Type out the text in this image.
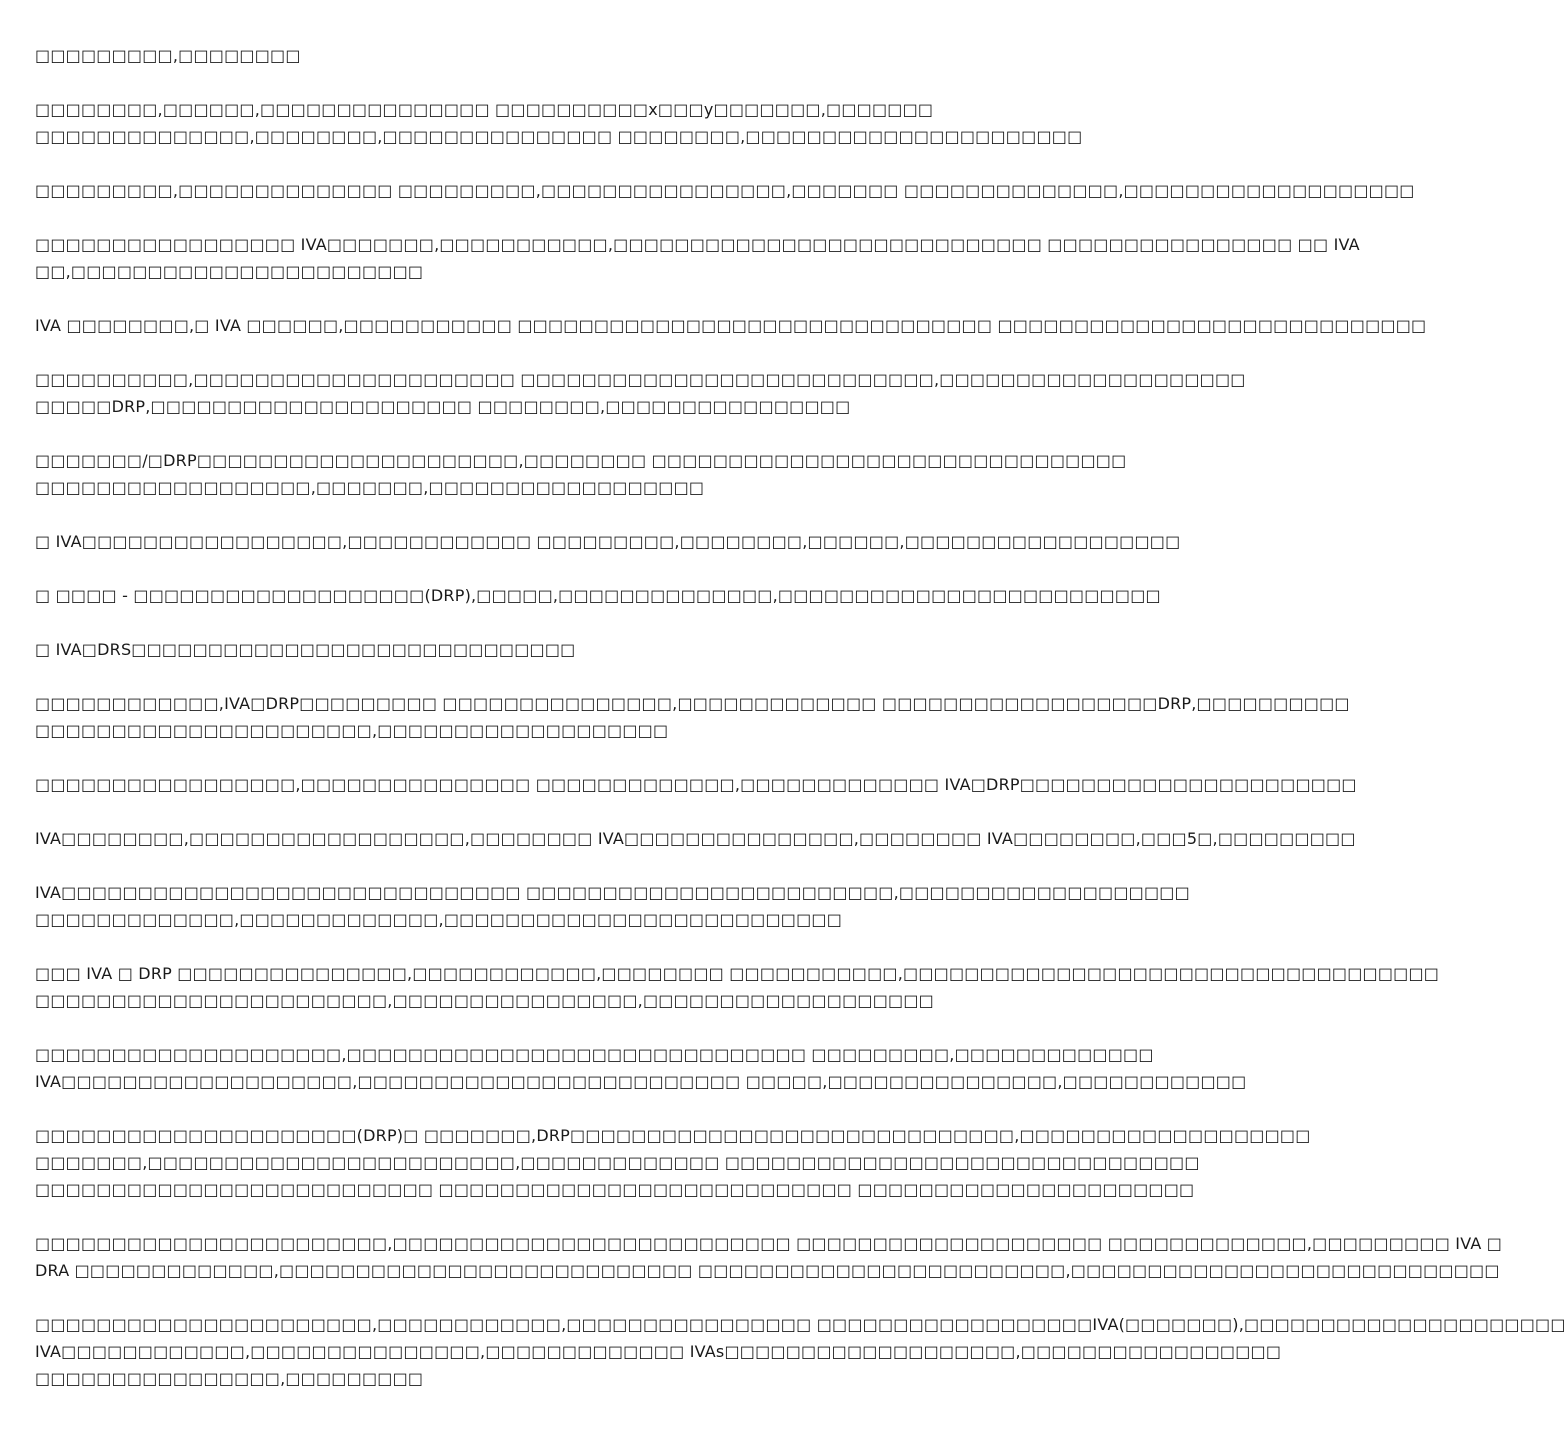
□□□□□□□□□,□□□□□□□□
□□□□□□□□,□□□□□□,□□□□□□□□□□□□□□□ □□□□□□□□□□x□□□y□□□□□□□,□□□□□□□
□□□□□□□□□□□□□□,□□□□□□□□,□□□□□□□□□□□□□□□ □□□□□□□□,□□□□□□□□□□□□□□□□□□□□□□
□□□□□□□□□,□□□□□□□□□□□□□□ □□□□□□□□□,□□□□□□□□□□□□□□□□,□□□□□□□ □□□□□□□□□□□□□□,□□□□□□□□□□□□□□□□□□□
□□□□□□□□□□□□□□□□□ IVA□□□□□□□,□□□□□□□□□□□,□□□□□□□□□□□□□□□□□□□□□□□□□□□□ □□□□□□□□□□□□□□□□ □□ IVA
□□,□□□□□□□□□□□□□□□□□□□□□□□
IVA □□□□□□□□,□ IVA □□□□□□,□□□□□□□□□□□ □□□□□□□□□□□□□□□□□□□□□□□□□□□□□□□ □□□□□□□□□□□□□□□□□□□□□□□□□□□□
□□□□□□□□□□,□□□□□□□□□□□□□□□□□□□□□ □□□□□□□□□□□□□□□□□□□□□□□□□□□,□□□□□□□□□□□□□□□□□□□□
□□□□□DRP,□□□□□□□□□□□□□□□□□□□□□ □□□□□□□□,□□□□□□□□□□□□□□□□
□□□□□□□/□DRP□□□□□□□□□□□□□□□□□□□□□,□□□□□□□□ □□□□□□□□□□□□□□□□□□□□□□□□□□□□□□□
□□□□□□□□□□□□□□□□□□,□□□□□□□,□□□□□□□□□□□□□□□□□□
□ IVA□□□□□□□□□□□□□□□□□,□□□□□□□□□□□□ □□□□□□□□□,□□□□□□□□,□□□□□□,□□□□□□□□□□□□□□□□□□
□ □□□□ - □□□□□□□□□□□□□□□□□□□(DRP),□□□□□,□□□□□□□□□□□□□□,□□□□□□□□□□□□□□□□□□□□□□□□□
□ IVA□DRS□□□□□□□□□□□□□□□□□□□□□□□□□□□□□
□□□□□□□□□□□□,IVA□DRP□□□□□□□□□ □□□□□□□□□□□□□□□,□□□□□□□□□□□□□ □□□□□□□□□□□□□□□□□□DRP,□□□□□□□□□□
□□□□□□□□□□□□□□□□□□□□□□,□□□□□□□□□□□□□□□□□□□
□□□□□□□□□□□□□□□□□,□□□□□□□□□□□□□□□ □□□□□□□□□□□□□,□□□□□□□□□□□□□ IVA□DRP□□□□□□□□□□□□□□□□□□□□□□
IVA□□□□□□□□,□□□□□□□□□□□□□□□□□□,□□□□□□□□ IVA□□□□□□□□□□□□□□□,□□□□□□□□ IVA□□□□□□□□,□□□5□,□□□□□□□□□
IVA□□□□□□□□□□□□□□□□□□□□□□□□□□□□□□ □□□□□□□□□□□□□□□□□□□□□□□□,□□□□□□□□□□□□□□□□□□□
□□□□□□□□□□□□□,□□□□□□□□□□□□□,□□□□□□□□□□□□□□□□□□□□□□□□□□
□□□ IVA □ DRP □□□□□□□□□□□□□□□,□□□□□□□□□□□□,□□□□□□□□ □□□□□□□□□□□,□□□□□□□□□□□□□□□□□□□□□□□□□□□□□□□□□□□
□□□□□□□□□□□□□□□□□□□□□□□,□□□□□□□□□□□□□□□□,□□□□□□□□□□□□□□□□□□□
□□□□□□□□□□□□□□□□□□□□,□□□□□□□□□□□□□□□□□□□□□□□□□□□□□□ □□□□□□□□□,□□□□□□□□□□□□□
IVA□□□□□□□□□□□□□□□□□□□,□□□□□□□□□□□□□□□□□□□□□□□□□ □□□□□,□□□□□□□□□□□□□□□,□□□□□□□□□□□□
□□□□□□□□□□□□□□□□□□□□□(DRP)□ □□□□□□□,DRP□□□□□□□□□□□□□□□□□□□□□□□□□□□□□,□□□□□□□□□□□□□□□□□□□
□□□□□□□,□□□□□□□□□□□□□□□□□□□□□□□□,□□□□□□□□□□□□□ □□□□□□□□□□□□□□□□□□□□□□□□□□□□□□□
□□□□□□□□□□□□□□□□□□□□□□□□□□ □□□□□□□□□□□□□□□□□□□□□□□□□□□ □□□□□□□□□□□□□□□□□□□□□□
□□□□□□□□□□□□□□□□□□□□□□□,□□□□□□□□□□□□□□□□□□□□□□□□□□ □□□□□□□□□□□□□□□□□□□□ □□□□□□□□□□□□□,□□□□□□□□□ IVA □
DRA □□□□□□□□□□□□□,□□□□□□□□□□□□□□□□□□□□□□□□□□□ □□□□□□□□□□□□□□□□□□□□□□□□,□□□□□□□□□□□□□□□□□□□□□□□□□□□□
□□□□□□□□□□□□□□□□□□□□□□,□□□□□□□□□□□□,□□□□□□□□□□□□□□□□ □□□□□□□□□□□□□□□□□□IVA(□□□□□□□),□□□□□□□□□□□□□□□□□□□□□
IVA□□□□□□□□□□□□,□□□□□□□□□□□□□□□,□□□□□□□□□□□□□ IVAs□□□□□□□□□□□□□□□□□□□,□□□□□□□□□□□□□□□□□
□□□□□□□□□□□□□□□□,□□□□□□□□□
